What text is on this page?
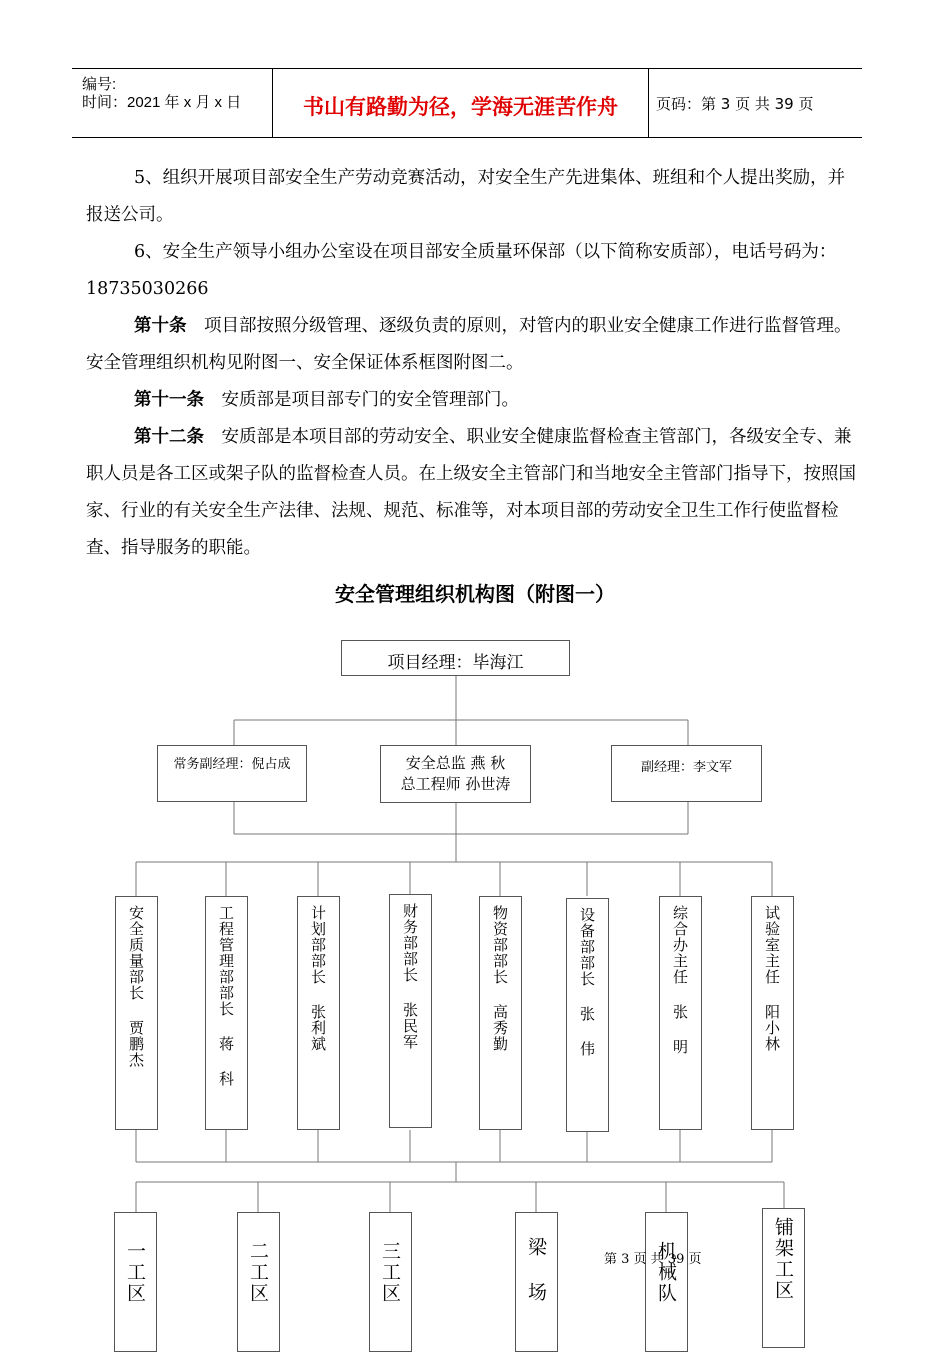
编号:
时间：2021 年 x 月 x 日	书山有路勤为径，学海无涯苦作舟	页码：第 3 页 共 39 页
5、组织开展项目部安全生产劳动竞赛活动，对安全生产先进集体、班组和个人提出奖励，并报送公司。
6、安全生产领导小组办公室设在项目部安全质量环保部（以下简称安质部），电话号码为：18735030266
第十条  项目部按照分级管理、逐级负责的原则，对管内的职业安全健康工作进行监督管理。安全管理组织机构见附图一、安全保证体系框图附图二。
第十一条  安质部是项目部专门的安全管理部门。
第十二条  安质部是本项目部的劳动安全、职业安全健康监督检查主管部门，各级安全专、兼职人员是各工区或架子队的监督检查人员。在上级安全主管部门和当地安全主管部门指导下，按照国家、行业的有关安全生产法律、法规、规范、标准等，对本项目部的劳动安全卫生工作行使监督检查、指导服务的职能。
安全管理组织机构图（附图一）
项目经理：毕海江
常务副经理：倪占成	安全总监 燕 秋
总工程师 孙世涛
副经理：李文军
安全质量部长 贾鹏杰	工程管理部部长 蒋 科	计划部部长 张利斌	财务部部长 张民军	物资部部长 高秀勤	设备部部长 张 伟	综合办主任 张 明	试验室主任 阳小林
一工区	二工区	三工区	梁 场	机械队	铺架工区
第 3 页 共 39 页
